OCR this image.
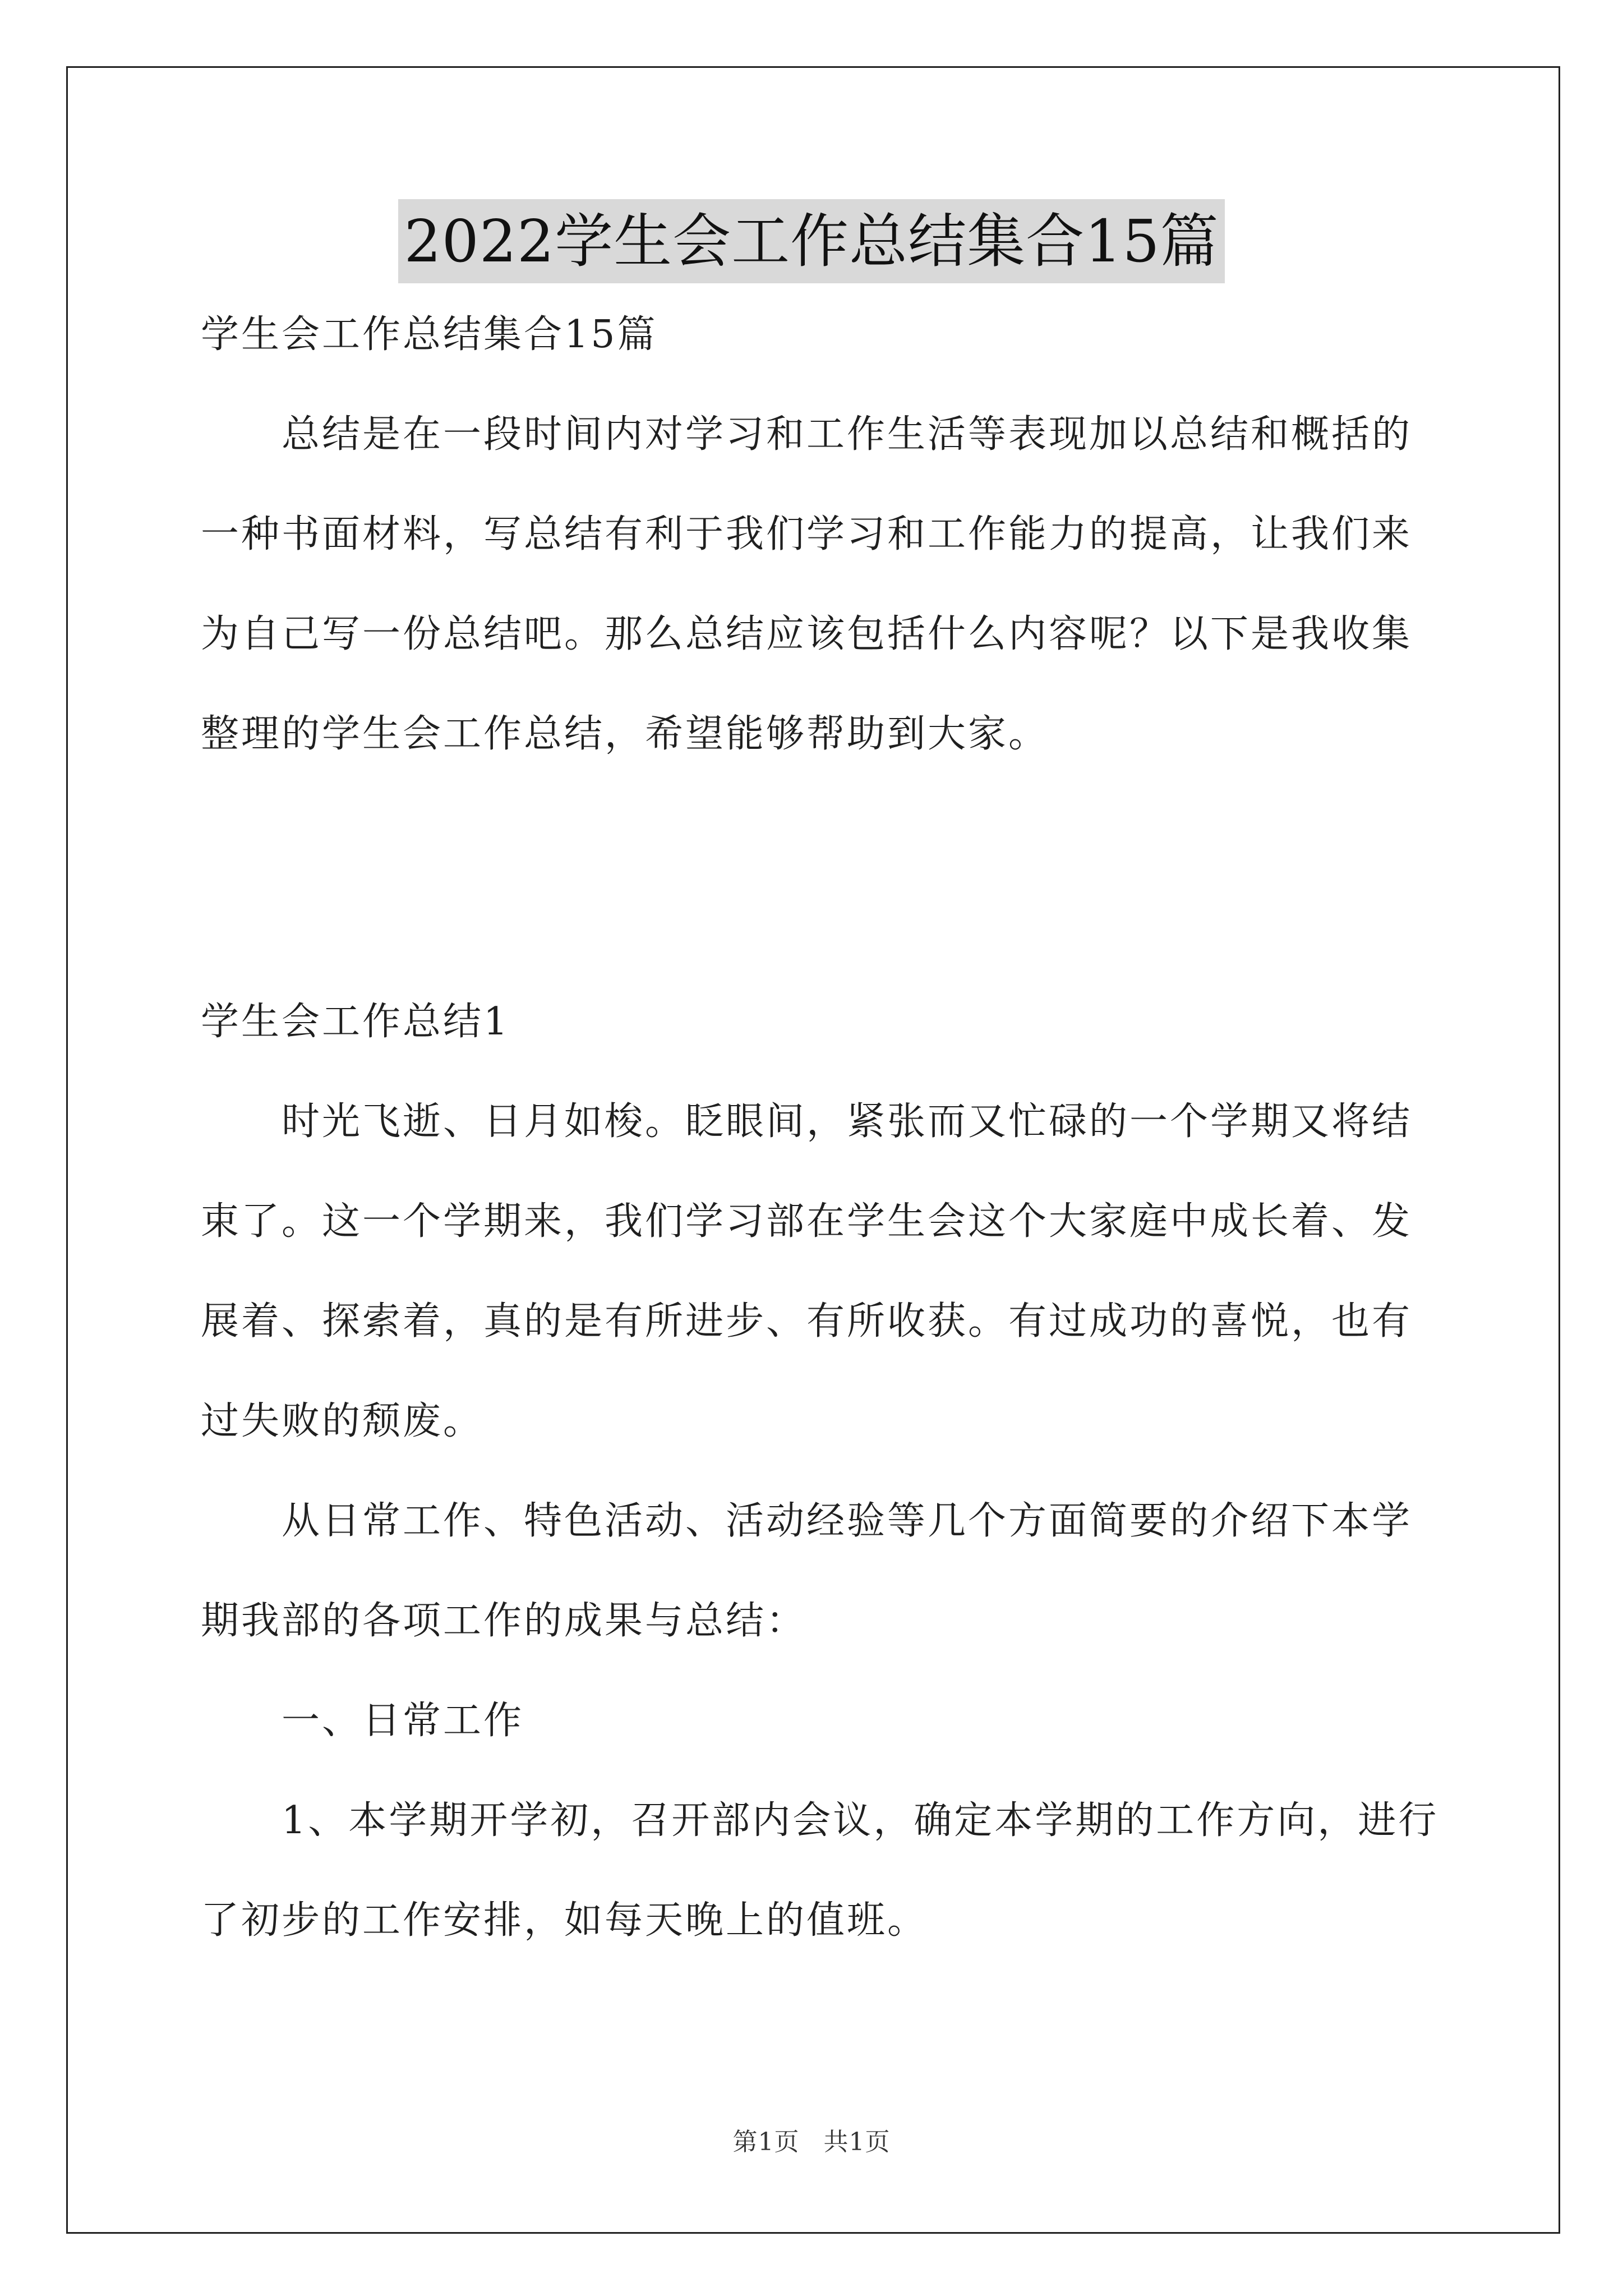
2022学生会工作总结集合15篇
学生会工作总结集合15篇
　　总结是在一段时间内对学习和工作生活等表现加以总结和概括的
一种书面材料，写总结有利于我们学习和工作能力的提高，让我们来
为自己写一份总结吧。那么总结应该包括什么内容呢？以下是我收集
整理的学生会工作总结，希望能够帮助到大家。
学生会工作总结1
　　时光飞逝、日月如梭。眨眼间，紧张而又忙碌的一个学期又将结
束了。这一个学期来，我们学习部在学生会这个大家庭中成长着、发
展着、探索着，真的是有所进步、有所收获。有过成功的喜悦，也有
过失败的颓废。
　　从日常工作、特色活动、活动经验等几个方面简要的介绍下本学
期我部的各项工作的成果与总结：
　　一、日常工作
　　1、本学期开学初，召开部内会议，确定本学期的工作方向，进行
了初步的工作安排，如每天晚上的值班。
第1页 共1页
